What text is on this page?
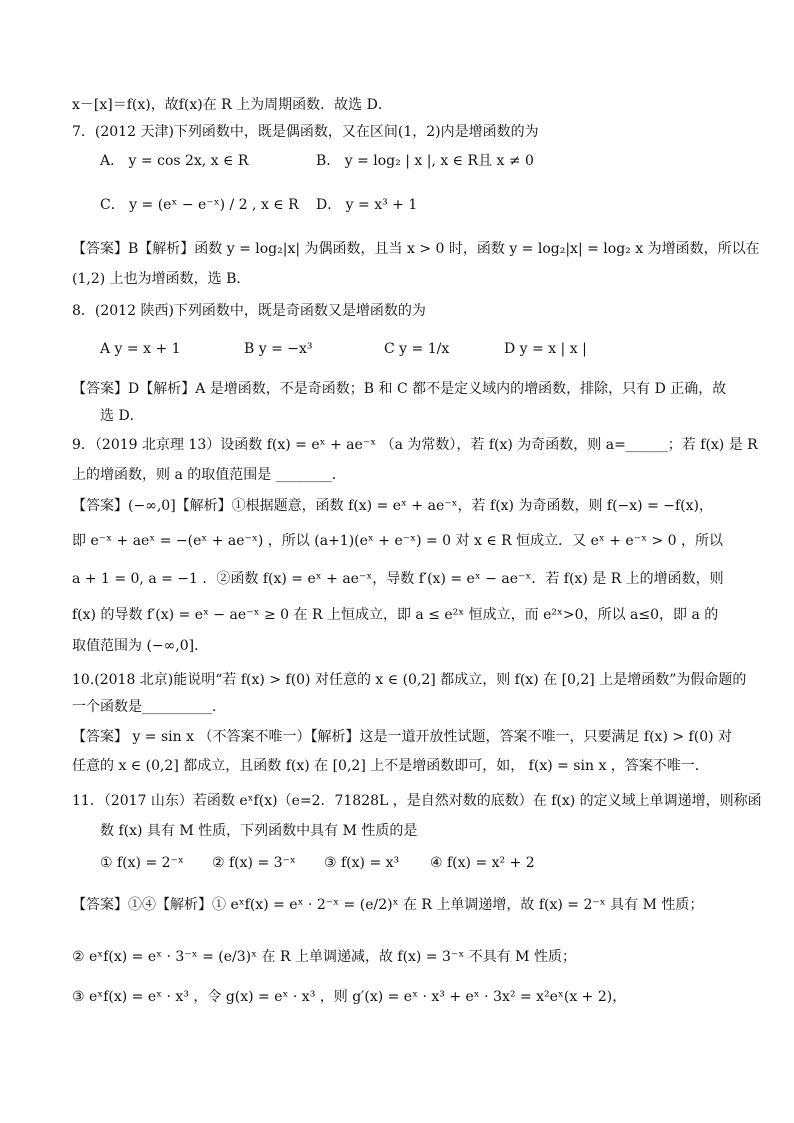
x－[x]＝f(x)，故f(x)在 R 上为周期函数．故选 D．
7．(2012 天津)下列函数中，既是偶函数，又在区间(1，2)内是增函数的为
A． y = cos 2x, x ∈ R	B． y = log₂ | x |, x ∈ R且 x ≠ 0
C． y = (eˣ − e⁻ˣ) / 2 , x ∈ R D． y = x³ + 1
【答案】B【解析】函数 y = log₂|x| 为偶函数，且当 x > 0 时，函数 y = log₂|x| = log₂ x 为增函数，所以在
(1,2) 上也为增函数，选 B．
8．(2012 陕西)下列函数中，既是奇函数又是增函数的为
A y = x + 1	B y = −x³	C y = 1/x	D y = x | x |
【答案】D【解析】A 是增函数，不是奇函数；B 和 C 都不是定义域内的增函数，排除，只有 D 正确，故
选 D．
9．（2019 北京理 13）设函数 f(x) = eˣ + ae⁻ˣ （a 为常数），若 f(x) 为奇函数，则 a=______；若 f(x) 是 R
上的增函数，则 a 的取值范围是 ________．
【答案】(−∞,0]【解析】①根据题意，函数 f(x) = eˣ + ae⁻ˣ，若 f(x) 为奇函数，则 f(−x) = −f(x)，
即 e⁻ˣ + aeˣ = −(eˣ + ae⁻ˣ) ，所以 (a+1)(eˣ + e⁻ˣ) = 0 对 x ∈ R 恒成立．又 eˣ + e⁻ˣ > 0 ，所以
a + 1 = 0, a = −1 ．②函数 f(x) = eˣ + ae⁻ˣ，导数 f′(x) = eˣ − ae⁻ˣ．若 f(x) 是 R 上的增函数，则
f(x) 的导数 f′(x) = eˣ − ae⁻ˣ ≥ 0 在 R 上恒成立，即 a ≤ e²ˣ 恒成立，而 e²ˣ>0，所以 a≤0，即 a 的
取值范围为 (−∞,0]．
10.(2018 北京)能说明“若 f(x) > f(0) 对任意的 x ∈ (0,2] 都成立，则 f(x) 在 [0,2] 上是增函数”为假命题的
一个函数是__________．
【答案】 y = sin x （不答案不唯一）【解析】这是一道开放性试题，答案不唯一，只要满足 f(x) > f(0) 对
任意的 x ∈ (0,2] 都成立，且函数 f(x) 在 [0,2] 上不是增函数即可，如， f(x) = sin x ，答案不唯一．
11．（2017 山东）若函数 eˣf(x)（e=2．71828L ，是自然对数的底数）在 f(x) 的定义域上单调递增，则称函
数 f(x) 具有 M 性质，下列函数中具有 M 性质的是
① f(x) = 2⁻ˣ ② f(x) = 3⁻ˣ ③ f(x) = x³ ④ f(x) = x² + 2
【答案】①④【解析】① eˣf(x) = eˣ · 2⁻ˣ = (e/2)ˣ 在 R 上单调递增，故 f(x) = 2⁻ˣ 具有 M 性质；
② eˣf(x) = eˣ · 3⁻ˣ = (e/3)ˣ 在 R 上单调递减，故 f(x) = 3⁻ˣ 不具有 M 性质；
③ eˣf(x) = eˣ · x³ ，令 g(x) = eˣ · x³ ，则 g′(x) = eˣ · x³ + eˣ · 3x² = x²eˣ(x + 2)，
